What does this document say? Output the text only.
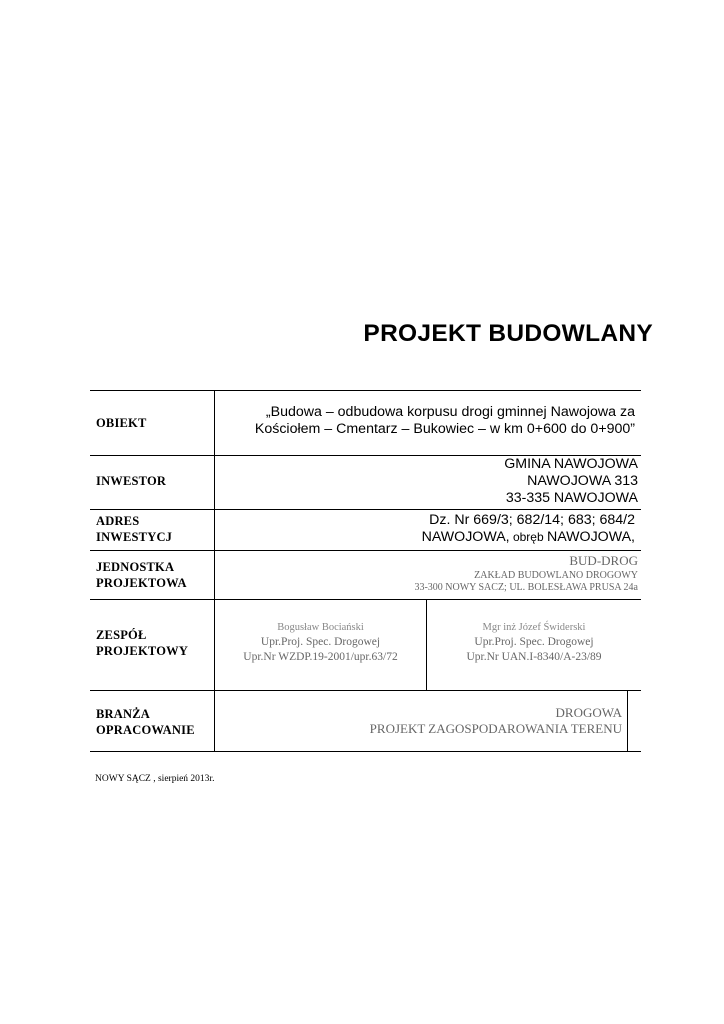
PROJEKT BUDOWLANY
OBIEKT
„Budowa – odbudowa korpusu drogi gminnej Nawojowa za
Kościołem – Cmentarz – Bukowiec – w km 0+600 do 0+900”
INWESTOR
GMINA NAWOJOWA
NAWOJOWA 313
33-335 NAWOJOWA
ADRES
INWESTYCJ
Dz. Nr 669/3; 682/14; 683; 684/2
NAWOJOWA, obręb NAWOJOWA,
JEDNOSTKA
PROJEKTOWA
BUD-DROG
ZAKŁAD BUDOWLANO DROGOWY
33-300 NOWY SACZ; UL. BOLESŁAWA PRUSA 24a
ZESPÓŁ
PROJEKTOWY
Bogusław Bociański
Upr.Proj. Spec. Drogowej
Upr.Nr WZDP.19-2001/upr.63/72
Mgr inż Józef Świderski
Upr.Proj. Spec. Drogowej
Upr.Nr UAN.I-8340/A-23/89
BRANŻA
OPRACOWANIE
DROGOWA
PROJEKT ZAGOSPODAROWANIA TERENU
NOWY SĄCZ , sierpień 2013r.
